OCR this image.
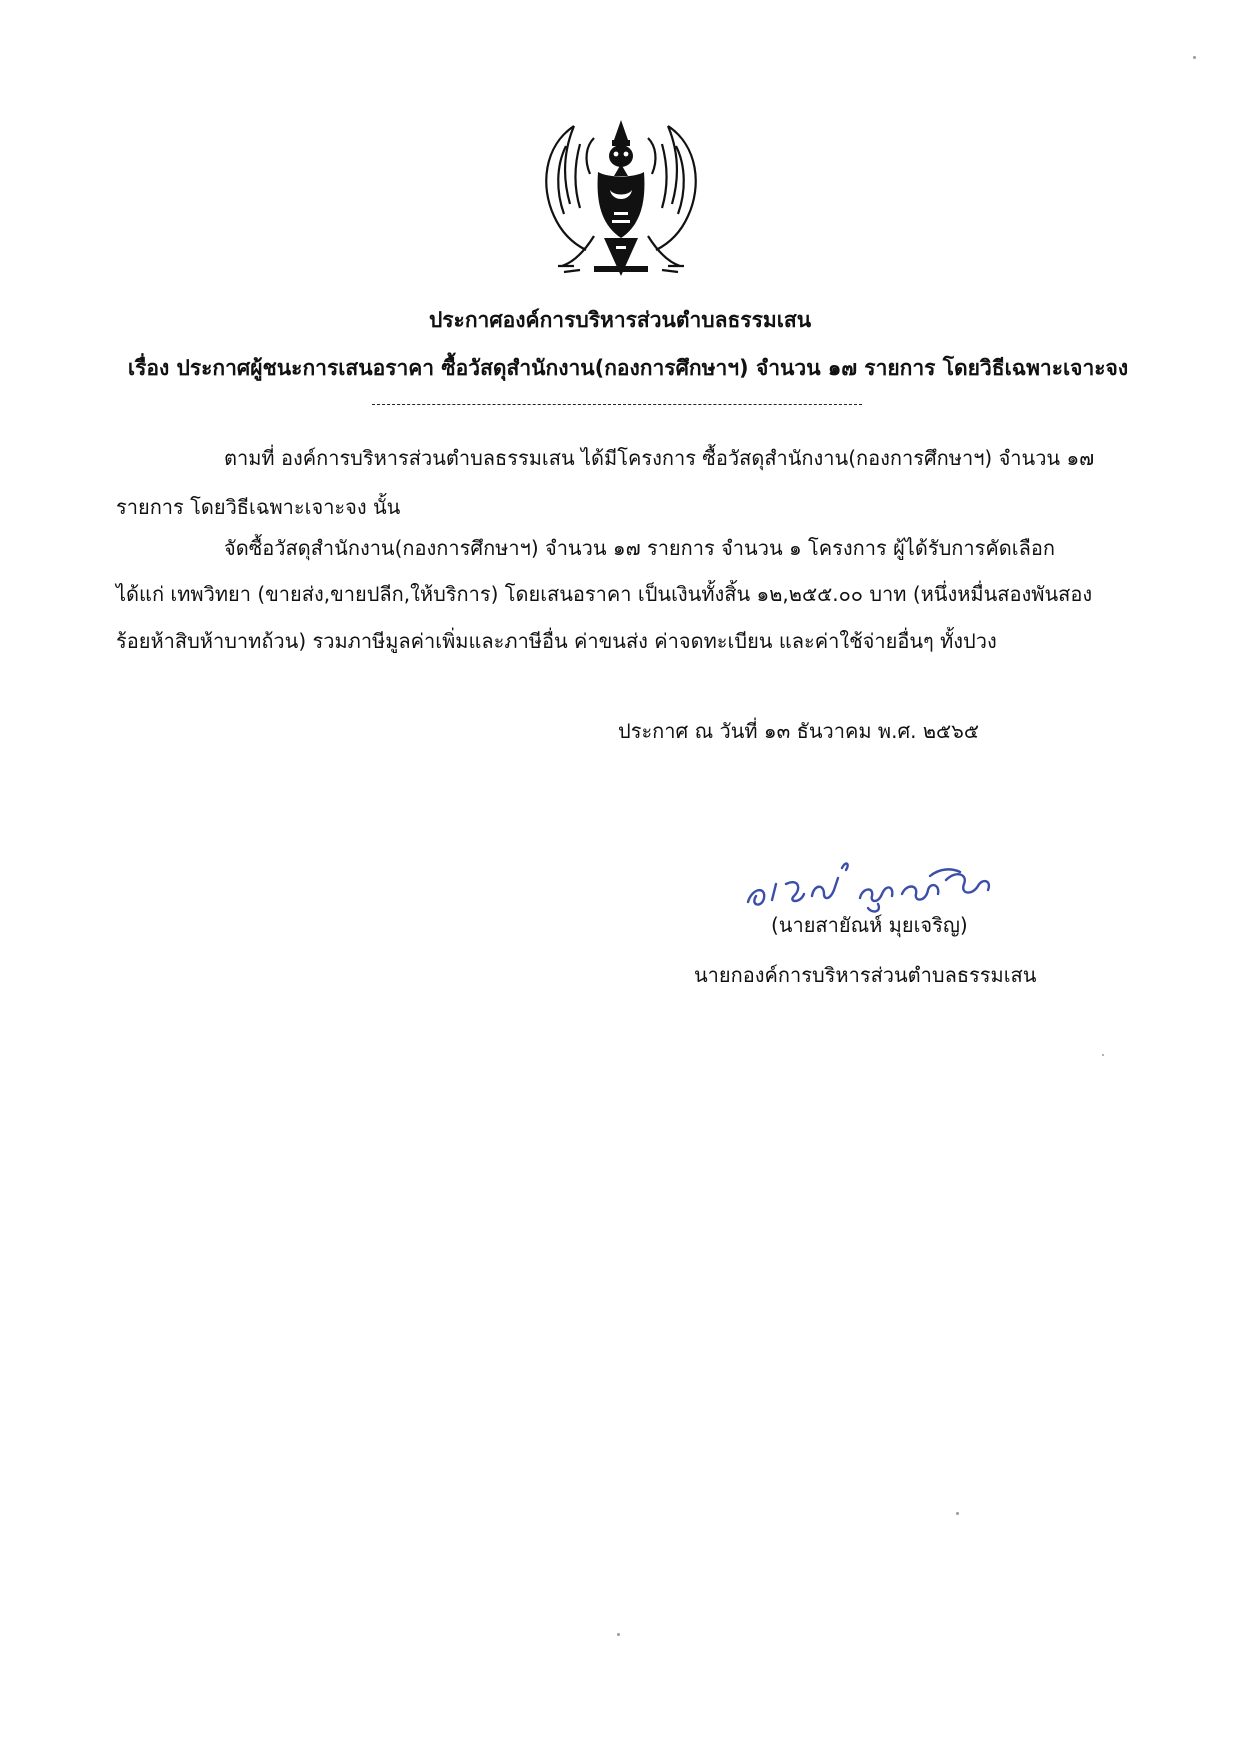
ประกาศองค์การบริหารส่วนตำบลธรรมเสน
เรื่อง ประกาศผู้ชนะการเสนอราคา ซื้อวัสดุสำนักงาน(กองการศึกษาฯ) จำนวน ๑๗ รายการ โดยวิธีเฉพาะเจาะจง
ตามที่ องค์การบริหารส่วนตำบลธรรมเสน ได้มีโครงการ ซื้อวัสดุสำนักงาน(กองการศึกษาฯ) จำนวน ๑๗
รายการ โดยวิธีเฉพาะเจาะจง นั้น
จัดซื้อวัสดุสำนักงาน(กองการศึกษาฯ) จำนวน ๑๗ รายการ จำนวน ๑ โครงการ ผู้ได้รับการคัดเลือก
ได้แก่ เทพวิทยา (ขายส่ง,ขายปลีก,ให้บริการ) โดยเสนอราคา เป็นเงินทั้งสิ้น ๑๒,๒๕๕.๐๐ บาท (หนึ่งหมื่นสองพันสอง
ร้อยห้าสิบห้าบาทถ้วน) รวมภาษีมูลค่าเพิ่มและภาษีอื่น ค่าขนส่ง ค่าจดทะเบียน และค่าใช้จ่ายอื่นๆ ทั้งปวง
ประกาศ ณ วันที่ ๑๓ ธันวาคม พ.ศ. ๒๕๖๕
(นายสายัณห์ มุยเจริญ)
นายกองค์การบริหารส่วนตำบลธรรมเสน
